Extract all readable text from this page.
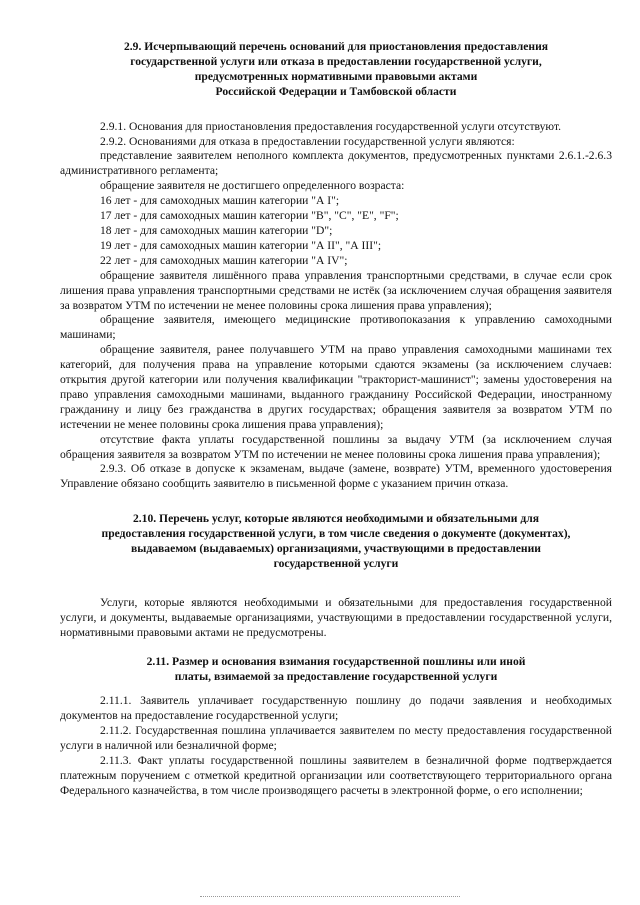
2.9. Исчерпывающий перечень оснований для приостановления предоставления
государственной услуги или отказа в предоставлении государственной услуги,
предусмотренных нормативными правовыми актами
Российской Федерации и Тамбовской области

2.9.1. Основания для приостановления предоставления государственной услуги отсутствуют.

2.9.2. Основаниями для отказа в предоставлении государственной услуги являются:

представление заявителем неполного комплекта документов, предусмотренных пунктами 2.6.1.-2.6.3 административного регламента;

обращение заявителя не достигшего определенного возраста:

16 лет - для самоходных машин категории "А I";

17 лет - для самоходных машин категории "В", "С", "Е", "F";

18 лет - для самоходных машин категории "D";

19 лет - для самоходных машин категории "А II", "А III";

22 лет - для самоходных машин категории "А IV";

обращение заявителя лишённого права управления транспортными средствами, в случае если срок лишения права управления транспортными средствами не истёк (за исключением случая обращения заявителя за возвратом УТМ по истечении не менее половины срока лишения права управления);

обращение заявителя, имеющего медицинские противопоказания к управлению самоходными машинами;

обращение заявителя, ранее получавшего УТМ на право управления самоходными машинами тех категорий, для получения права на управление которыми сдаются экзамены (за исключением случаев: открытия другой категории или получения квалификации "тракторист-машинист"; замены удостоверения на право управления самоходными машинами, выданного гражданину Российской Федерации, иностранному гражданину и лицу без гражданства в других государствах; обращения заявителя за возвратом УТМ по истечении не менее половины срока лишения права управления);

отсутствие факта уплаты государственной пошлины за выдачу УТМ (за исключением случая обращения заявителя за возвратом УТМ по истечении не менее половины срока лишения права управления);

2.9.3. Об отказе в допуске к экзаменам, выдаче (замене, возврате) УТМ, временного удостоверения Управление обязано сообщить заявителю в письменной форме с указанием причин отказа.

2.10. Перечень услуг, которые являются необходимыми и обязательными для
предоставления государственной услуги, в том числе сведения о документе (документах),
выдаваемом (выдаваемых) организациями, участвующими в предоставлении
государственной услуги

Услуги, которые являются необходимыми и обязательными для предоставления государственной услуги, и документы, выдаваемые организациями, участвующими в предоставлении государственной услуги, нормативными правовыми актами не предусмотрены.

2.11. Размер и основания взимания государственной пошлины или иной
платы, взимаемой за предоставление государственной услуги

2.11.1. Заявитель уплачивает государственную пошлину до подачи заявления и необходимых документов на предоставление государственной услуги;

2.11.2. Государственная пошлина уплачивается заявителем по месту предоставления государственной услуги в наличной или безналичной форме;

2.11.3. Факт уплаты государственной пошлины заявителем в безналичной форме подтверждается платежным поручением с отметкой кредитной организации или соответствующего территориального органа Федерального казначейства, в том числе производящего расчеты в электронной форме, о его исполнении;
